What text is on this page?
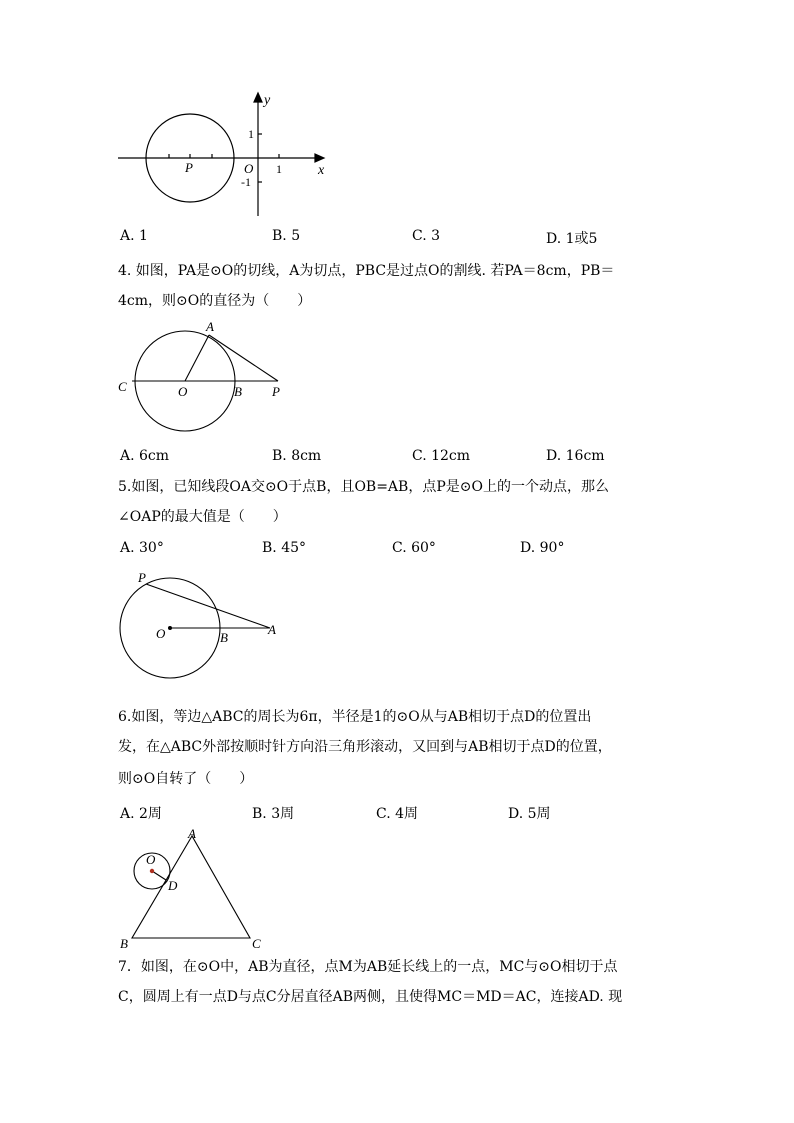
y
x
1
-1
1
O
P
A. 1	B. 5	C. 3	D. 1或5
4. 如图，PA是⊙O的切线，A为切点，PBC是过点O的割线. 若PA＝8cm，PB＝
4cm，则⊙O的直径为（　　）
A
C	O	B P
A. 6cm	B. 8cm	C. 12cm	D. 16cm
5.如图，已知线段OA交⊙O于点B，且OB=AB，点P是⊙O上的一个动点，那么
∠OAP的最大值是（　　）
A. 30°	B. 45°	C. 60°	D. 90°
P
O	B
A
6.如图，等边△ABC的周长为6π，半径是1的⊙O从与AB相切于点D的位置出
发，在△ABC外部按顺时针方向沿三角形滚动，又回到与AB相切于点D的位置，
则⊙O自转了（　　）
A. 2周	B. 3周	C. 4周	D. 5周
A
O
D
B	C
7．如图，在⊙O中，AB为直径，点M为AB延长线上的一点，MC与⊙O相切于点
C，圆周上有一点D与点C分居直径AB两侧，且使得MC＝MD＝AC，连接AD. 现
